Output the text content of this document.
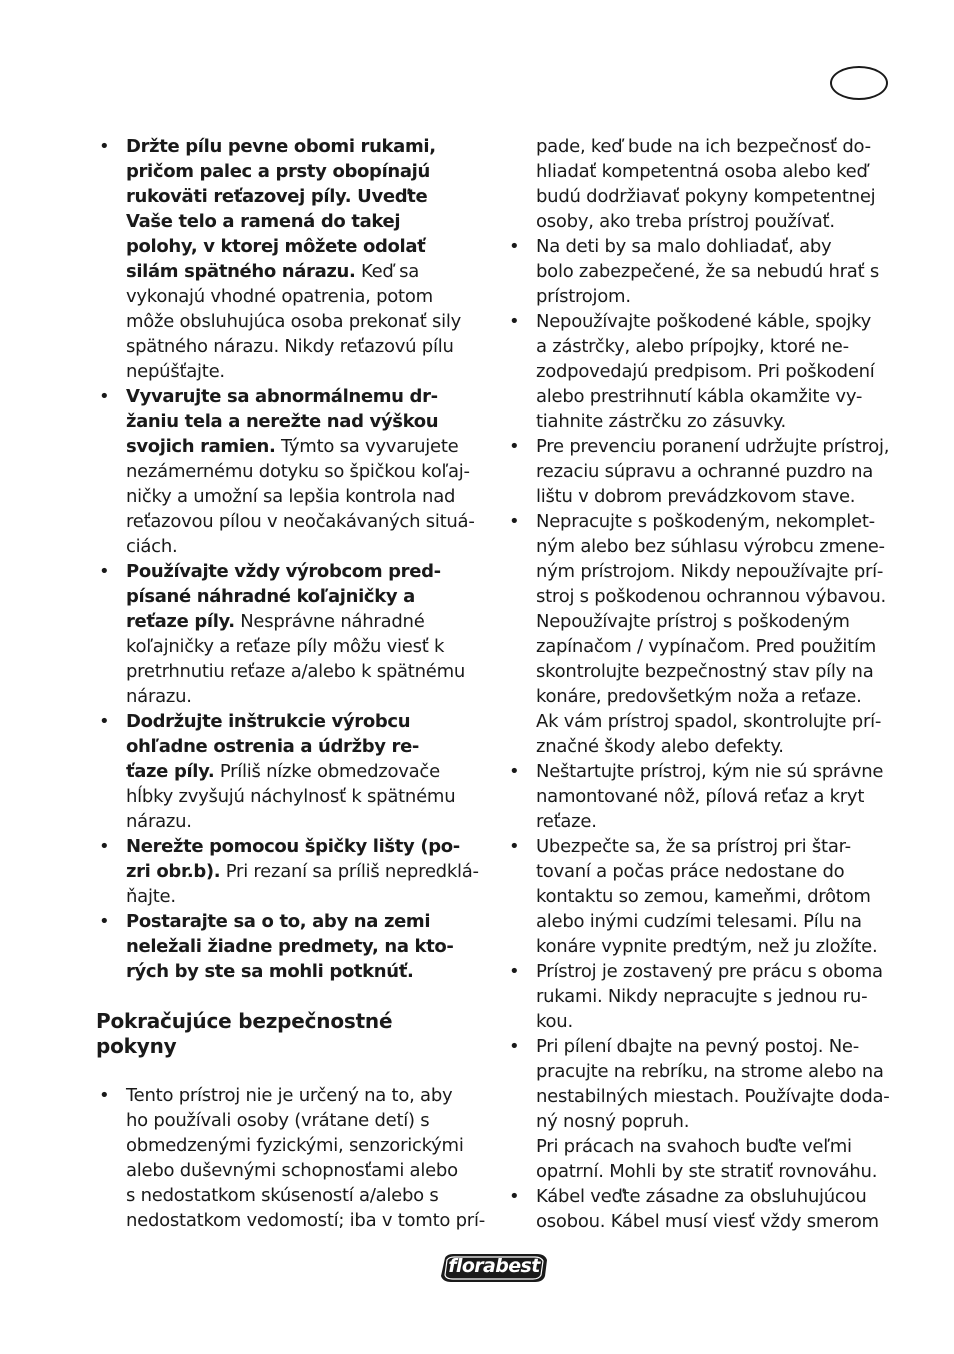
• Držte pílu pevne obomi rukami,
pričom palec a prsty obopínajú
rukoväti reťazovej píly. Uveďte
Vaše telo a ramená do takej
polohy, v ktorej môžete odolať
silám spätného nárazu. Keď sa
vykonajú vhodné opatrenia, potom
môže obsluhujúca osoba prekonať sily
spätného nárazu. Nikdy reťazovú pílu
nepúšťajte.
• Vyvarujte sa abnormálnemu dr-
žaniu tela a nerežte nad výškou
svojich ramien. Týmto sa vyvarujete
nezámernému dotyku so špičkou koľaj-
ničky a umožní sa lepšia kontrola nad
reťazovou pílou v neočakávaných situá-
ciách.
• Používajte vždy výrobcom pred-
písané náhradné koľajničky a
reťaze píly. Nesprávne náhradné
koľajničky a reťaze píly môžu viesť k
pretrhnutiu reťaze a/alebo k spätnému
nárazu.
• Dodržujte inštrukcie výrobcu
ohľadne ostrenia a údržby re-
ťaze píly. Príliš nízke obmedzovače
hĺbky zvyšujú náchylnosť k spätnému
nárazu.
• Nerežte pomocou špičky lišty (po-
zri obr.b). Pri rezaní sa príliš nepredklá-
ňajte.
• Postarajte sa o to, aby na zemi
neležali žiadne predmety, na kto-
rých by ste sa mohli potknúť.
Pokračujúce bezpečnostné
pokyny
• Tento prístroj nie je určený na to, aby
ho používali osoby (vrátane detí) s
obmedzenými fyzickými, senzorickými
alebo duševnými schopnosťami alebo
s nedostatkom skúseností a/alebo s
nedostatkom vedomostí; iba v tomto prí-
pade, keď bude na ich bezpečnosť do-
hliadať kompetentná osoba alebo keď
budú dodržiavať pokyny kompetentnej
osoby, ako treba prístroj používať.
• Na deti by sa malo dohliadať, aby
bolo zabezpečené, že sa nebudú hrať s
prístrojom.
• Nepoužívajte poškodené káble, spojky
a zástrčky, alebo prípojky, ktoré ne-
zodpovedajú predpisom. Pri poškodení
alebo prestrihnutí kábla okamžite vy-
tiahnite zástrčku zo zásuvky.
• Pre prevenciu poranení udržujte prístroj,
rezaciu súpravu a ochranné puzdro na
lištu v dobrom prevádzkovom stave.
• Nepracujte s poškodeným, nekomplet-
ným alebo bez súhlasu výrobcu zmene-
ným prístrojom. Nikdy nepoužívajte prí-
stroj s poškodenou ochrannou výbavou.
Nepoužívajte prístroj s poškodeným
zapínačom / vypínačom. Pred použitím
skontrolujte bezpečnostný stav píly na
konáre, predovšetkým noža a reťaze.
Ak vám prístroj spadol, skontrolujte prí-
značné škody alebo defekty.
• Neštartujte prístroj, kým nie sú správne
namontované nôž, pílová reťaz a kryt
reťaze.
• Ubezpečte sa, že sa prístroj pri štar-
tovaní a počas práce nedostane do
kontaktu so zemou, kameňmi, drôtom
alebo inými cudzími telesami. Pílu na
konáre vypnite predtým, než ju zložíte.
• Prístroj je zostavený pre prácu s oboma
rukami. Nikdy nepracujte s jednou ru-
kou.
• Pri pílení dbajte na pevný postoj. Ne-
pracujte na rebríku, na strome alebo na
nestabilných miestach. Používajte doda-
ný nosný popruh.
Pri prácach na svahoch buďte veľmi
opatrní. Mohli by ste stratiť rovnováhu.
• Kábel veďte zásadne za obsluhujúcou
osobou. Kábel musí viesť vždy smerom
florabest
